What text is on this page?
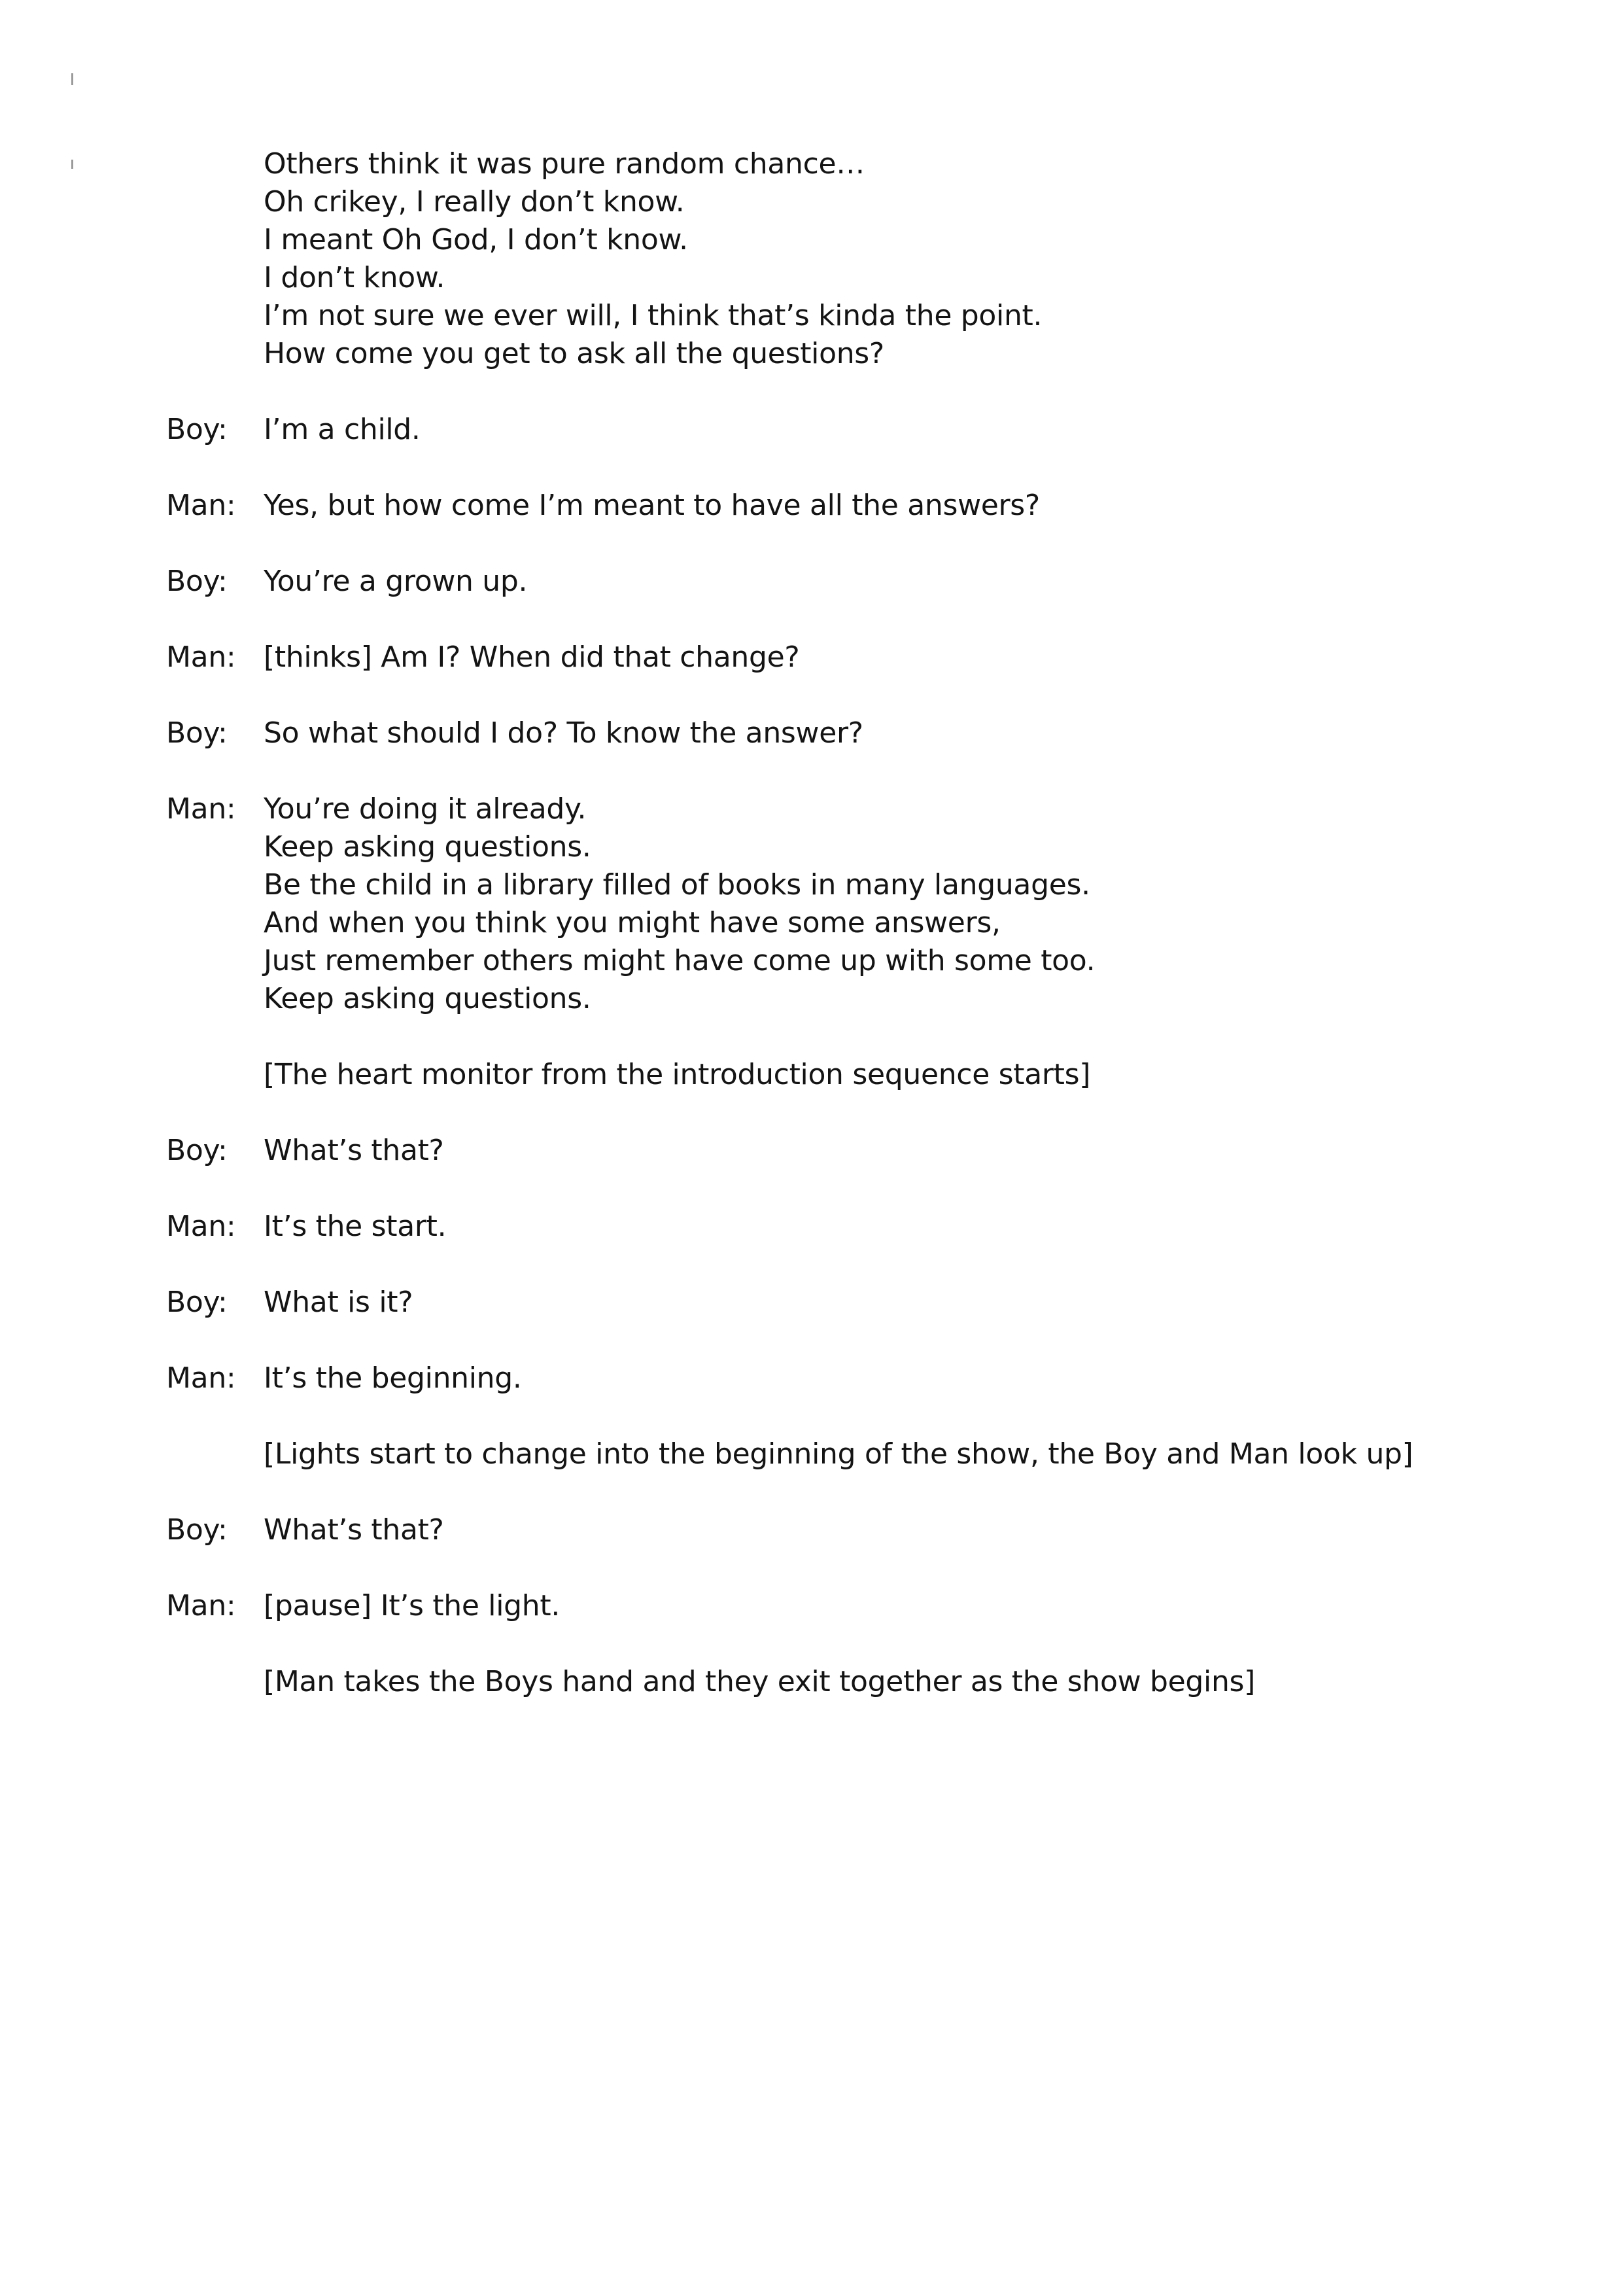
Others think it was pure random chance…
Oh crikey, I really don’t know.
I meant Oh God, I don’t know.
I don’t know.
I’m not sure we ever will, I think that’s kinda the point.
How come you get to ask all the questions?
Boy: I’m a child.
Man: Yes, but how come I’m meant to have all the answers?
Boy: You’re a grown up.
Man: [thinks] Am I? When did that change?
Boy: So what should I do? To know the answer?
Man: You’re doing it already.
Keep asking questions.
Be the child in a library filled of books in many languages.
And when you think you might have some answers,
Just remember others might have come up with some too.
Keep asking questions.
[The heart monitor from the introduction sequence starts]
Boy: What’s that?
Man: It’s the start.
Boy: What is it?
Man: It’s the beginning.
[Lights start to change into the beginning of the show, the Boy and Man look up]
Boy: What’s that?
Man: [pause] It’s the light.
[Man takes the Boys hand and they exit together as the show begins]
